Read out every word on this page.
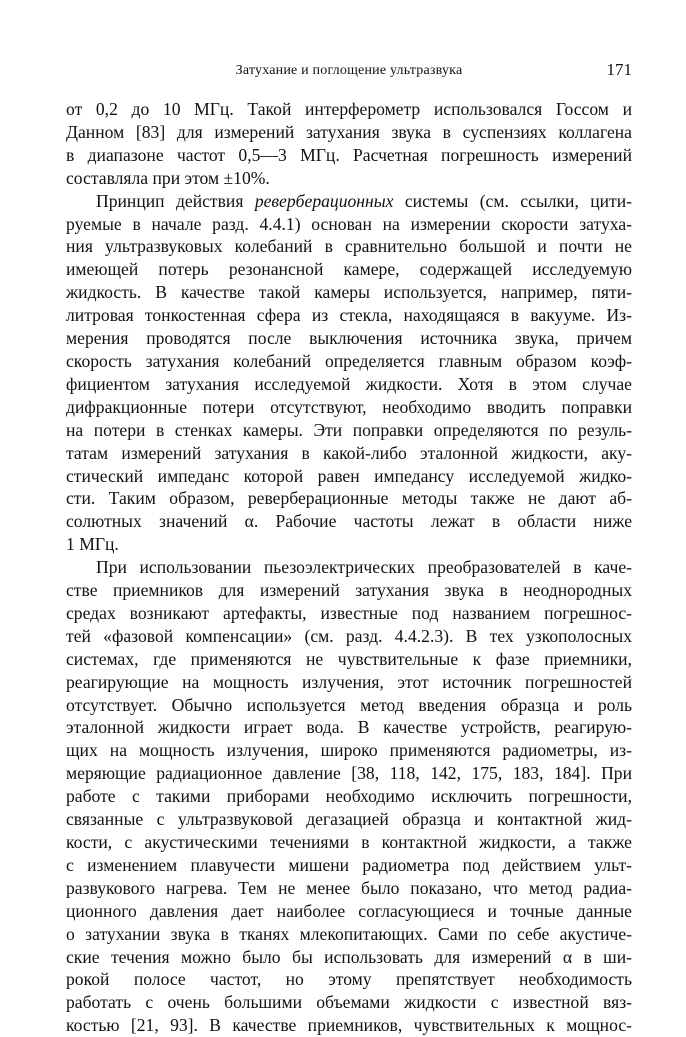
Затухание и поглощение ультразвука	171

от 0,2 до 10 МГц. Такой интерферометр использовался Госсом и
Данном [83] для измерений затухания звука в суспензиях коллагена
в диапазоне частот 0,5—3 МГц. Расчетная погрешность измерений
составляла при этом ±10%.

Принцип действия реверберационных системы (см. ссылки, цити-
руемые в начале разд. 4.4.1) основан на измерении скорости затуха-
ния ультразвуковых колебаний в сравнительно большой и почти не
имеющей потерь резонансной камере, содержащей исследуемую
жидкость. В качестве такой камеры используется, например, пяти-
литровая тонкостенная сфера из стекла, находящаяся в вакууме. Из-
мерения проводятся после выключения источника звука, причем
скорость затухания колебаний определяется главным образом коэф-
фициентом затухания исследуемой жидкости. Хотя в этом случае
дифракционные потери отсутствуют, необходимо вводить поправки
на потери в стенках камеры. Эти поправки определяются по резуль-
татам измерений затухания в какой-либо эталонной жидкости, аку-
стический импеданс которой равен импедансу исследуемой жидко-
сти. Таким образом, реверберационные методы также не дают аб-
солютных значений α. Рабочие частоты лежат в области ниже
1 МГц.

При использовании пьезоэлектрических преобразователей в каче-
стве приемников для измерений затухания звука в неоднородных
средах возникают артефакты, известные под названием погрешнос-
тей «фазовой компенсации» (см. разд. 4.4.2.3). В тех узкополосных
системах, где применяются не чувствительные к фазе приемники,
реагирующие на мощность излучения, этот источник погрешностей
отсутствует. Обычно используется метод введения образца и роль
эталонной жидкости играет вода. В качестве устройств, реагирую-
щих на мощность излучения, широко применяются радиометры, из-
меряющие радиационное давление [38, 118, 142, 175, 183, 184]. При
работе с такими приборами необходимо исключить погрешности,
связанные с ультразвуковой дегазацией образца и контактной жид-
кости, с акустическими течениями в контактной жидкости, а также
с изменением плавучести мишени радиометра под действием ульт-
развукового нагрева. Тем не менее было показано, что метод радиа-
ционного давления дает наиболее согласующиеся и точные данные
о затухании звука в тканях млекопитающих. Сами по себе акустиче-
ские течения можно было бы использовать для измерений α в ши-
рокой полосе частот, но этому препятствует необходимость
работать с очень большими объемами жидкости с известной вяз-
костью [21, 93]. В качестве приемников, чувствительных к мощнос-
